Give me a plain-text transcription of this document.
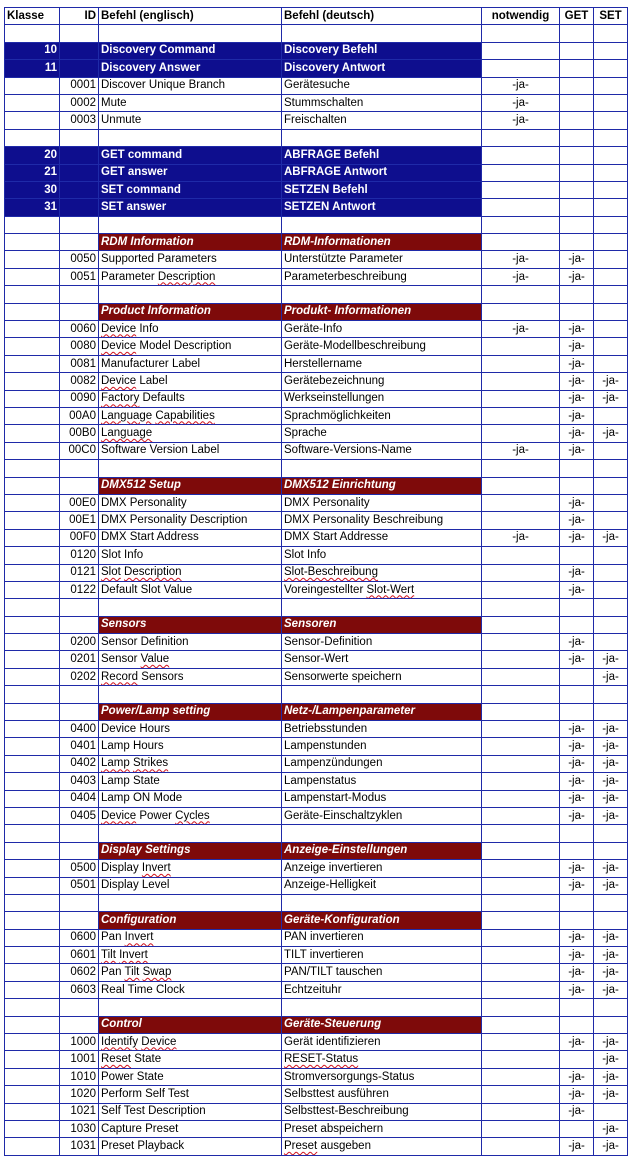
Klasse	ID	Befehl (englisch)	Befehl (deutsch)	notwendig	GET	SET

10		Discovery Command	Discovery Befehl			
11		Discovery Answer	Discovery Antwort			
	0001	Discover Unique Branch	Gerätesuche	-ja-		
	0002	Mute	Stummschalten	-ja-		
	0003	Unmute	Freischalten	-ja-		

20		GET command	ABFRAGE Befehl			
21		GET answer	ABFRAGE Antwort			
30		SET command	SETZEN Befehl			
31		SET answer	SETZEN Antwort			

		RDM Information	RDM-Informationen			
	0050	Supported Parameters	Unterstützte Parameter	-ja-	-ja-	
	0051	Parameter Description	Parameterbeschreibung	-ja-	-ja-	

		Product Information	Produkt- Informationen			
	0060	Device Info	Geräte-Info	-ja-	-ja-	
	0080	Device Model Description	Geräte-Modellbeschreibung		-ja-	
	0081	Manufacturer Label	Herstellername		-ja-	
	0082	Device Label	Gerätebezeichnung		-ja-	-ja-
	0090	Factory Defaults	Werkseinstellungen		-ja-	-ja-
	00A0	Language Capabilities	Sprachmöglichkeiten		-ja-	
	00B0	Language	Sprache		-ja-	-ja-
	00C0	Software Version Label	Software-Versions-Name	-ja-	-ja-	

		DMX512 Setup	DMX512 Einrichtung			
	00E0	DMX Personality	DMX Personality		-ja-	
	00E1	DMX Personality Description	DMX Personality Beschreibung		-ja-	
	00F0	DMX Start Address	DMX Start Addresse	-ja-	-ja-	-ja-
	0120	Slot Info	Slot Info			
	0121	Slot Description	Slot-Beschreibung		-ja-	
	0122	Default Slot Value	Voreingestellter Slot-Wert		-ja-	

		Sensors	Sensoren			
	0200	Sensor Definition	Sensor-Definition		-ja-	
	0201	Sensor Value	Sensor-Wert		-ja-	-ja-
	0202	Record Sensors	Sensorwerte speichern			-ja-

		Power/Lamp setting	Netz-/Lampenparameter			
	0400	Device Hours	Betriebsstunden		-ja-	-ja-
	0401	Lamp Hours	Lampenstunden		-ja-	-ja-
	0402	Lamp Strikes	Lampenzündungen		-ja-	-ja-
	0403	Lamp State	Lampenstatus		-ja-	-ja-
	0404	Lamp ON Mode	Lampenstart-Modus		-ja-	-ja-
	0405	Device Power Cycles	Geräte-Einschaltzyklen		-ja-	-ja-

		Display Settings	Anzeige-Einstellungen			
	0500	Display Invert	Anzeige invertieren		-ja-	-ja-
	0501	Display Level	Anzeige-Helligkeit		-ja-	-ja-

		Configuration	Geräte-Konfiguration			
	0600	Pan Invert	PAN invertieren		-ja-	-ja-
	0601	Tilt Invert	TILT invertieren		-ja-	-ja-
	0602	Pan Tilt Swap	PAN/TILT tauschen		-ja-	-ja-
	0603	Real Time Clock	Echtzeituhr		-ja-	-ja-

		Control	Geräte-Steuerung			
	1000	Identify Device	Gerät identifizieren		-ja-	-ja-
	1001	Reset State	RESET-Status			-ja-
	1010	Power State	Stromversorgungs-Status		-ja-	-ja-
	1020	Perform Self Test	Selbsttest ausführen		-ja-	-ja-
	1021	Self Test Description	Selbsttest-Beschreibung		-ja-	
	1030	Capture Preset	Preset abspeichern			-ja-
	1031	Preset Playback	Preset ausgeben		-ja-	-ja-
